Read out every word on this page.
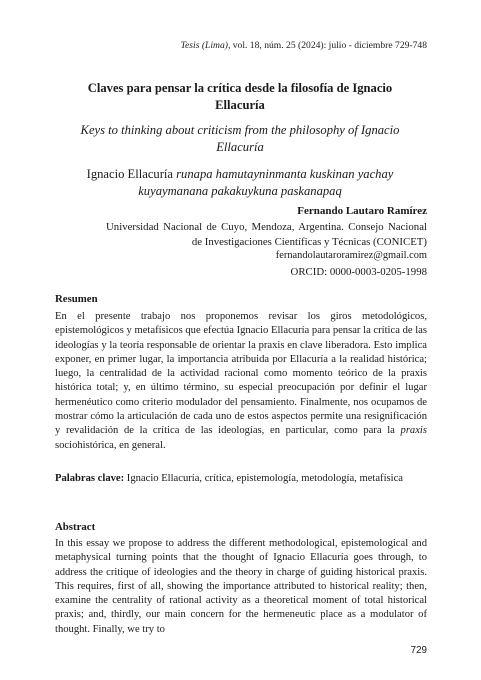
Tesis (Lima), vol. 18, núm. 25 (2024): julio - diciembre 729-748
Claves para pensar la crítica desde la filosofía de Ignacio Ellacuría
Keys to thinking about criticism from the philosophy of Ignacio Ellacuría
Ignacio Ellacuría runapa hamutayninmanta kuskinan yachay kuyaymanana pakakuykuna paskanapaq
Fernando Lautaro Ramírez
Universidad Nacional de Cuyo, Mendoza, Argentina. Consejo Nacional de Investigaciones Científicas y Técnicas (CONICET)
fernandolautaroramirez@gmail.com
ORCID: 0000-0003-0205-1998
Resumen
En el presente trabajo nos proponemos revisar los giros metodológicos, epistemológicos y metafísicos que efectúa Ignacio Ellacuría para pensar la crítica de las ideologías y la teoría responsable de orientar la praxis en clave liberadora. Esto implica exponer, en primer lugar, la importancia atribuida por Ellacuría a la realidad histórica; luego, la centralidad de la actividad racional como momento teórico de la praxis histórica total; y, en último término, su especial preocupación por definir el lugar hermenéutico como criterio modulador del pensamiento. Finalmente, nos ocupamos de mostrar cómo la articulación de cada uno de estos aspectos permite una resignificación y revalidación de la crítica de las ideologías, en particular, como para la praxis sociohistórica, en general.
Palabras clave: Ignacio Ellacuría, crítica, epistemología, metodología, metafísica
Abstract
In this essay we propose to address the different methodological, epistemological and metaphysical turning points that the thought of Ignacio Ellacuría goes through, to address the critique of ideologies and the theory in charge of guiding historical praxis. This requires, first of all, showing the importance attributed to historical reality; then, examine the centrality of rational activity as a theoretical moment of total historical praxis; and, thirdly, our main concern for the hermeneutic place as a modulator of thought. Finally, we try to
729
